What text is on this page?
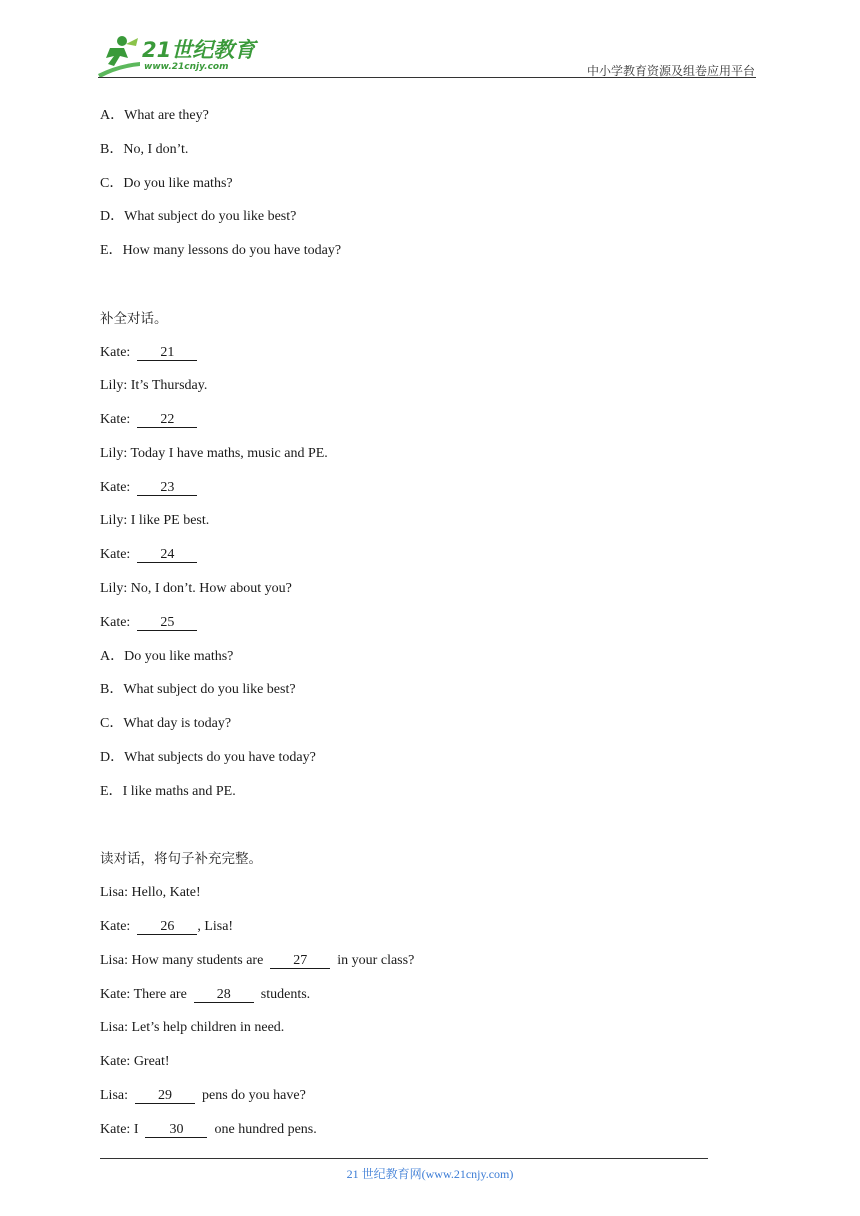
21世纪教育
www.21cnjy.com	中小学教育资源及组卷应用平台
A．What are they?
B．No, I don’t.
C．Do you like maths?
D．What subject do you like best?
E．How many lessons do you have today?
补全对话。
Kate: 21
Lily: It’s Thursday.
Kate: 22
Lily: Today I have maths, music and PE.
Kate: 23
Lily: I like PE best.
Kate: 24
Lily: No, I don’t. How about you?
Kate: 25
A．Do you like maths?
B．What subject do you like best?
C．What day is today?
D．What subjects do you have today?
E．I like maths and PE.
读对话，将句子补充完整。
Lisa: Hello, Kate!
Kate: 26 , Lisa!
Lisa: How many students are 27 in your class?
Kate: There are 28 students.
Lisa: Let’s help children in need.
Kate: Great!
Lisa: 29 pens do you have?
Kate: I 30 one hundred pens.
21 世纪教育网(www.21cnjy.com)
